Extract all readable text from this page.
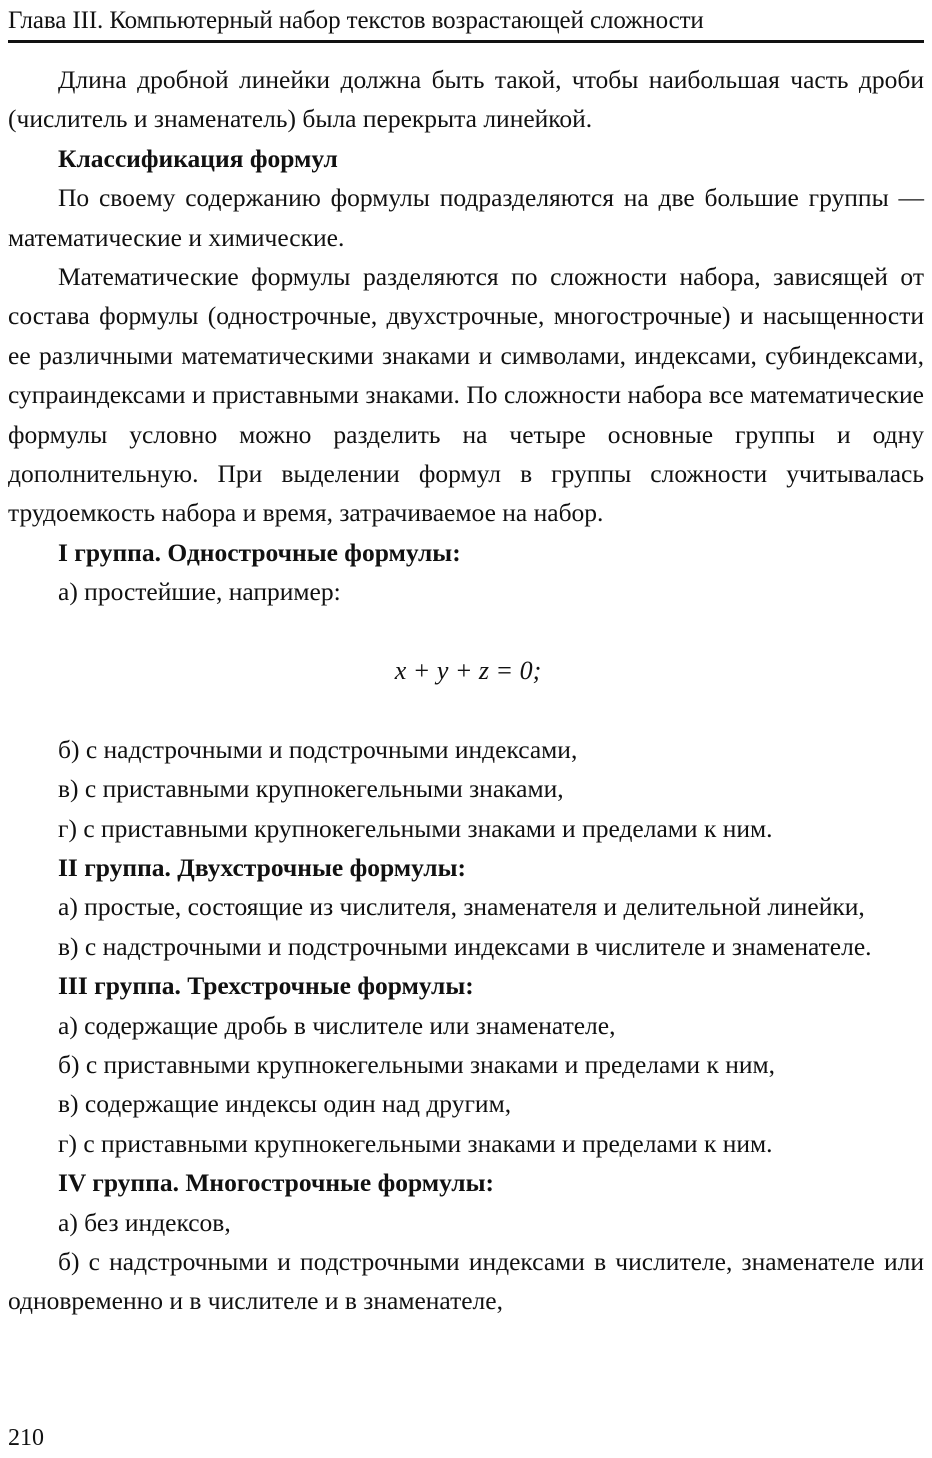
Глава III. Компьютерный набор текстов возрастающей сложности

Длина дробной линейки должна быть такой, чтобы наибольшая часть дроби (числитель и знаменатель) была перекрыта линейкой.

Классификация формул

По своему содержанию формулы подразделяются на две большие группы — математические и химические.

Математические формулы разделяются по сложности набора, зависящей от состава формулы (однострочные, двухстрочные, многострочные) и насыщенности ее различными математическими знаками и символами, индексами, субиндексами, супраиндексами и приставными знаками. По сложности набора все математические формулы условно можно разделить на четыре основные группы и одну дополнительную. При выделении формул в группы сложности учитывалась трудоемкость набора и время, затрачиваемое на набор.

I группа. Однострочные формулы:

а) простейшие, например:

x + y + z = 0;

б) с надстрочными и подстрочными индексами,

в) с приставными крупнокегельными знаками,

г) с приставными крупнокегельными знаками и пределами к ним.

II группа. Двухстрочные формулы:

а) простые, состоящие из числителя, знаменателя и делительной линейки,

в) с надстрочными и подстрочными индексами в числителе и знаменателе.

III группа. Трехстрочные формулы:

а) содержащие дробь в числителе или знаменателе,

б) с приставными крупнокегельными знаками и пределами к ним,

в) содержащие индексы один над другим,

г) с приставными крупнокегельными знаками и пределами к ним.

IV группа. Многострочные формулы:

а) без индексов,

б) с надстрочными и подстрочными индексами в числителе, знаменателе или одновременно и в числителе и в знаменателе,

210
